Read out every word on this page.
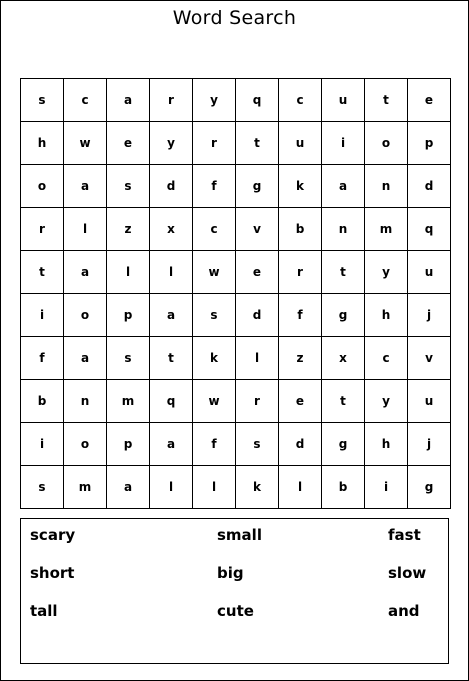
Word Search
s	c	a	r	y	q	c	u	t	e
h	w	e	y	r	t	u	i	o	p
o	a	s	d	f	g	k	a	n	d
r	l	z	x	c	v	b	n	m	q
t	a	l	l	w	e	r	t	y	u
i	o	p	a	s	d	f	g	h	j
f	a	s	t	k	l	z	x	c	v
b	n	m	q	w	r	e	t	y	u
i	o	p	a	f	s	d	g	h	j
s	m	a	l	l	k	l	b	i	g
scary	small	fast
short	big	slow
tall	cute	and
